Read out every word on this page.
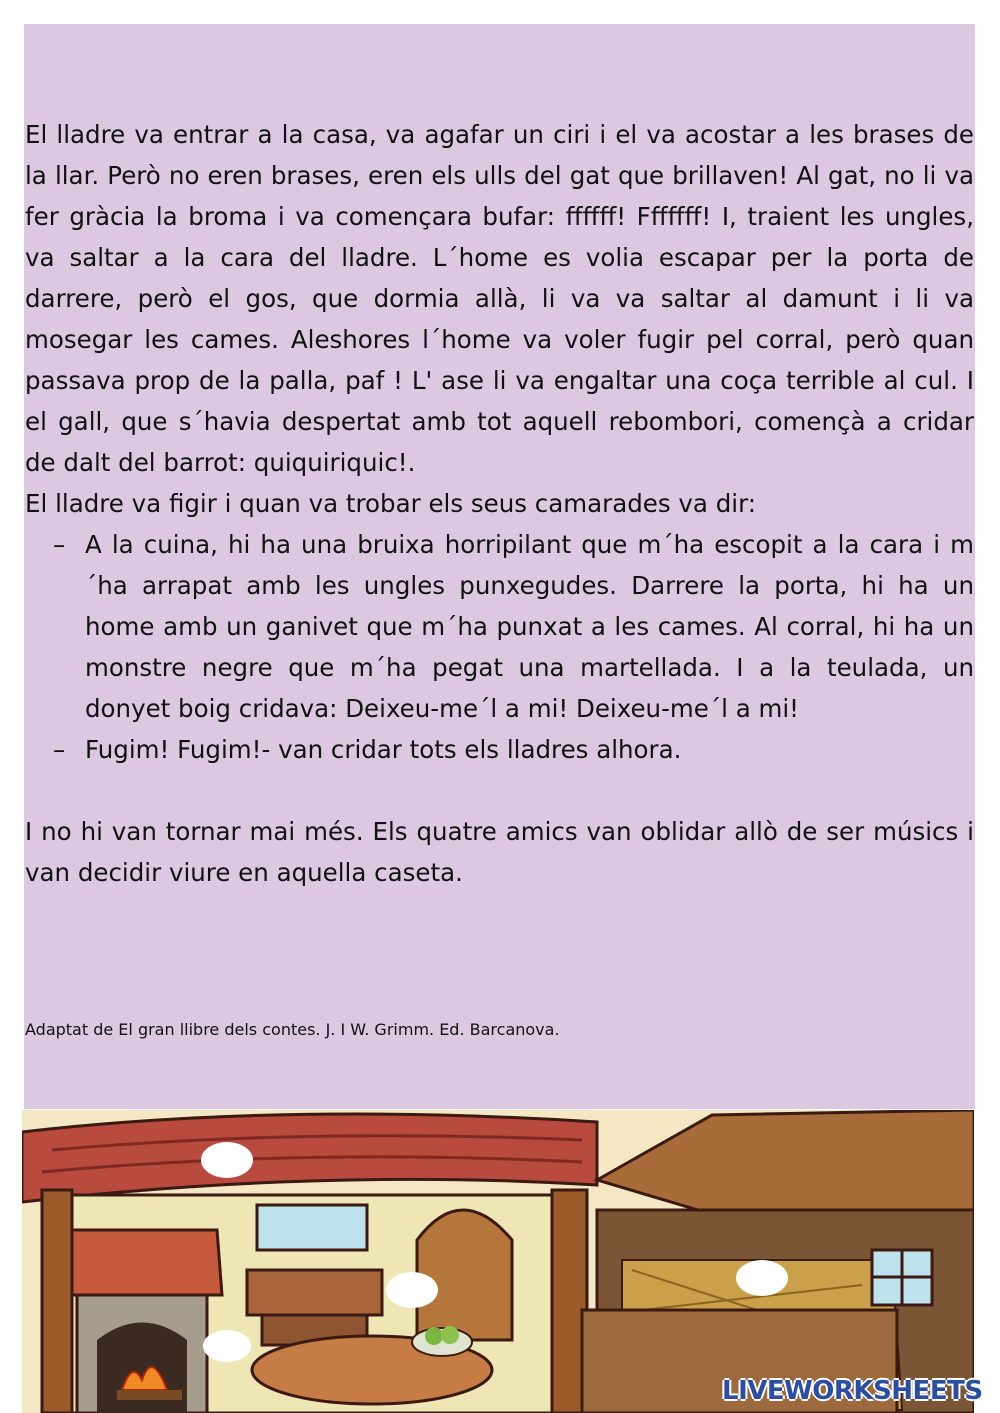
El lladre va entrar a la casa, va agafar un ciri i el va acostar a les brases de la llar. Però no eren brases, eren els ulls del gat que brillaven! Al gat, no li va fer gràcia la broma i va començara bufar: ffffff! Fffffff! I, traient les ungles, va saltar a la cara del lladre. L´home es volia escapar per la porta de darrere, però el gos, que dormia allà, li va va saltar al damunt i li va mosegar les cames. Aleshores l´home va voler fugir pel corral, però quan passava prop de la palla, paf ! L' ase li va engaltar una coça terrible al cul. I el gall, que s´havia despertat amb tot aquell rebombori, començà a cridar de dalt del barrot: quiquiriquic!.

El lladre va figir i quan va trobar els seus camarades va dir:

– A la cuina, hi ha una bruixa horripilant que m´ha escopit a la cara i m´ha arrapat amb les ungles punxegudes. Darrere la porta, hi ha un home amb un ganivet que m´ha punxat a les cames. Al corral, hi ha un monstre negre que m´ha pegat una martellada. I a la teulada, un donyet boig cridava: Deixeu-me´l a mi! Deixeu-me´l a mi!
– Fugim! Fugim!- van cridar tots els lladres alhora.

I no hi van tornar mai més. Els quatre amics van oblidar allò de ser músics i van decidir viure en aquella caseta.

Adaptat de El gran llibre dels contes. J. I W. Grimm. Ed. Barcanova.
LIVEWORKSHEETS
